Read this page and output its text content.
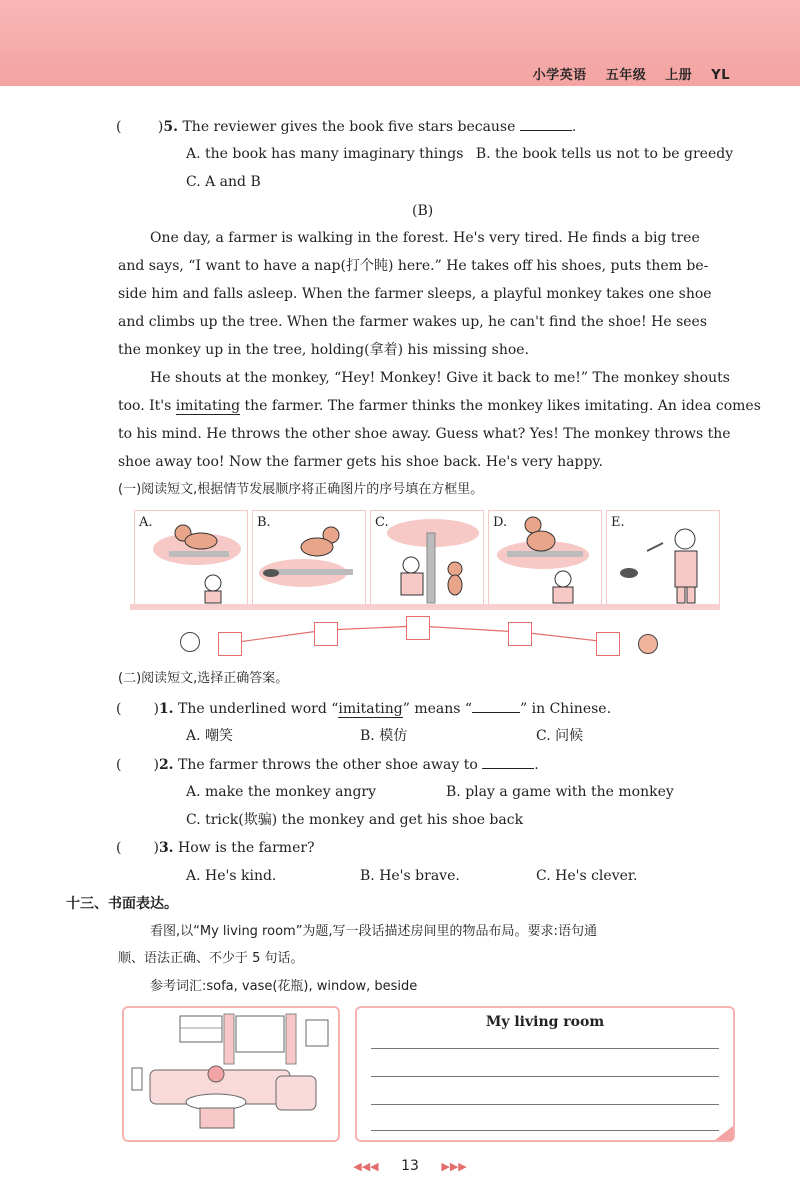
小学英语 五年级 上册 YL
(	)5. The reviewer gives the book five stars because	.
A. the book has many imaginary things B. the book tells us not to be greedy
C. A and B
(B)
One day, a farmer is walking in the forest. He's very tired. He finds a big tree
and says, “I want to have a nap(打个盹) here.” He takes off his shoes, puts them be-
side him and falls asleep. When the farmer sleeps, a playful monkey takes one shoe
and climbs up the tree. When the farmer wakes up, he can't find the shoe! He sees
the monkey up in the tree, holding(拿着) his missing shoe.
He shouts at the monkey, “Hey! Monkey! Give it back to me!” The monkey shouts
too. It's imitating the farmer. The farmer thinks the monkey likes imitating. An idea comes
to his mind. He throws the other shoe away. Guess what? Yes! The monkey throws the
shoe away too! Now the farmer gets his shoe back. He's very happy.
(一)阅读短文,根据情节发展顺序将正确图片的序号填在方框里。
A.	B.	C.	D.	E.
(二)阅读短文,选择正确答案。
( )1. The underlined word “imitating” means “	” in Chinese.
A. 嘲笑	B. 模仿	C. 问候
( )2. The farmer throws the other shoe away to	.
A. make the monkey angry	B. play a game with the monkey
C. trick(欺骗) the monkey and get his shoe back
( )3. How is the farmer?
A. He's kind.	B. He's brave.	C. He's clever.
十三、书面表达。
看图,以“My living room”为题,写一段话描述房间里的物品布局。要求:语句通
顺、语法正确、不少于 5 句话。
参考词汇:sofa, vase(花瓶), window, beside
My living room
◀◀◀ 13 ▶▶▶
